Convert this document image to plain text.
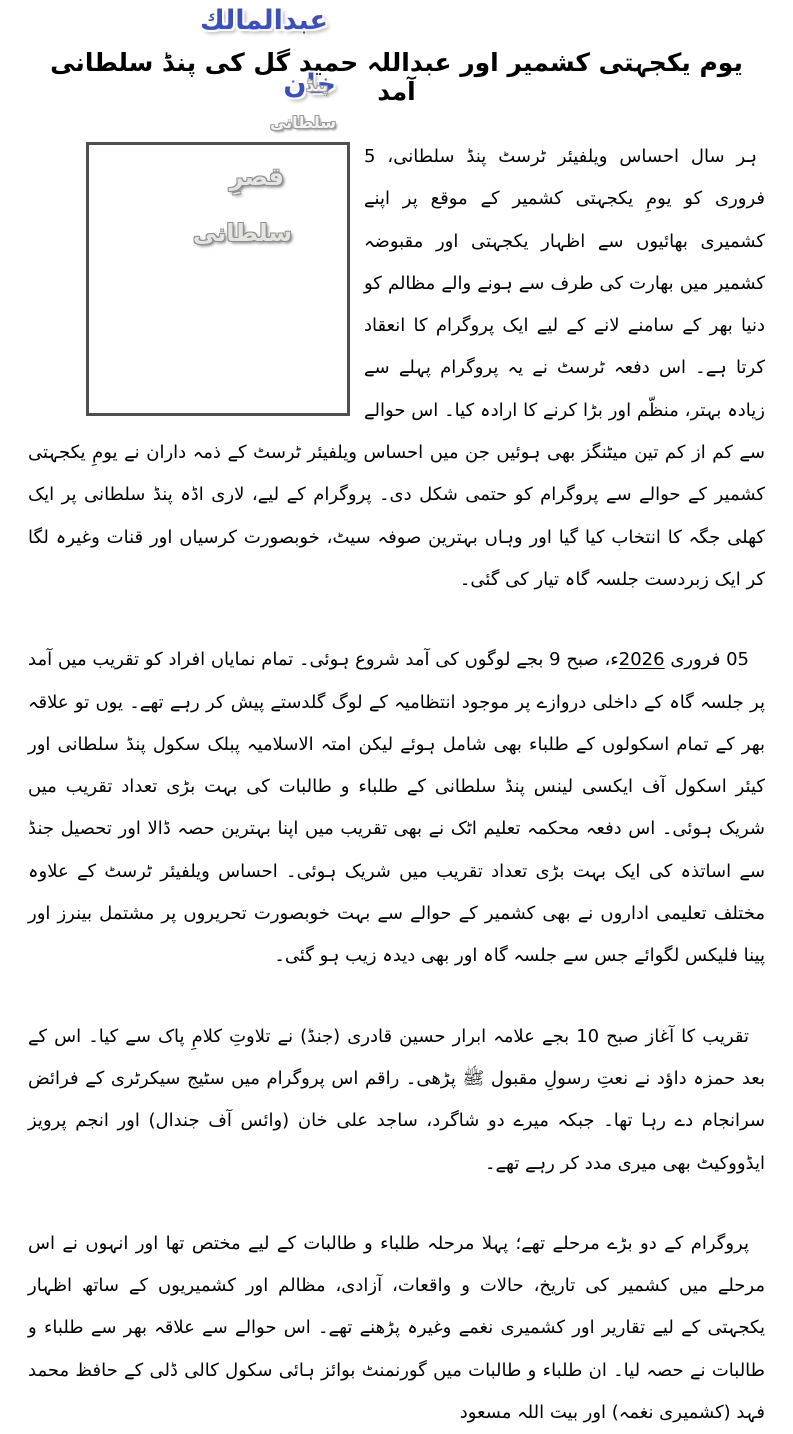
یوم یکجہتی کشمیر اور عبداللہ حمید گل کی پنڈ سلطانی آمد

ہر سال احساس ویلفیئر ٹرسٹ پنڈ سلطانی، 5 فروری کو یومِ یکجہتی کشمیر کے موقع پر اپنے کشمیری بھائیوں سے اظہار یکجہتی اور مقبوضہ کشمیر میں بھارت کی طرف سے ہونے والے مظالم کو دنیا بھر کے سامنے لانے کے لیے ایک پروگرام کا انعقاد کرتا ہے۔ اس دفعہ ٹرسٹ نے یہ پروگرام پہلے سے زیادہ بہتر، منظّم اور بڑا کرنے کا ارادہ کیا۔ اس حوالے سے کم از کم تین میٹنگز بھی ہوئیں جن میں احساس ویلفیئر ٹرسٹ کے ذمہ داران نے یومِ یکجہتی کشمیر کے حوالے سے پروگرام کو حتمی شکل دی۔ پروگرام کے لیے، لاری اڈہ پنڈ سلطانی پر ایک کھلی جگہ کا انتخاب کیا گیا اور وہاں بہترین صوفہ سیٹ، خوبصورت کرسیاں اور قنات وغیرہ لگا کر ایک زبردست جلسہ گاہ تیار کی گئی۔

05 فروری 2026ء، صبح 9 بجے لوگوں کی آمد شروع ہوئی۔ تمام نمایاں افراد کو تقریب میں آمد پر جلسہ گاہ کے داخلی دروازے پر موجود انتظامیہ کے لوگ گلدستے پیش کر رہے تھے۔ یوں تو علاقہ بھر کے تمام اسکولوں کے طلباء بھی شامل ہوئے لیکن امتہ الاسلامیہ پبلک سکول پنڈ سلطانی اور کیئر اسکول آف ایکسی لینس پنڈ سلطانی کے طلباء و طالبات کی بہت بڑی تعداد تقریب میں شریک ہوئی۔ اس دفعہ محکمہ تعلیم اٹک نے بھی تقریب میں اپنا بہترین حصہ ڈالا اور تحصیل جنڈ سے اساتذہ کی ایک بہت بڑی تعداد تقریب میں شریک ہوئی۔ احساس ویلفیئر ٹرسٹ کے علاوہ مختلف تعلیمی اداروں نے بھی کشمیر کے حوالے سے بہت خوبصورت تحریروں پر مشتمل بینرز اور پینا فلیکس لگوائے جس سے جلسہ گاہ اور بھی دیدہ زیب ہو گئی۔

تقریب کا آغاز صبح 10 بجے علامہ ابرار حسین قادری (جنڈ) نے تلاوتِ کلامِ پاک سے کیا۔ اس کے بعد حمزہ داؤد نے نعتِ رسولِ مقبول ﷺ پڑھی۔ راقم اس پروگرام میں سٹیج سیکرٹری کے فرائض سرانجام دے رہا تھا۔ جبکہ میرے دو شاگرد، ساجد علی خان (وائس آف جندال) اور انجم پرویز ایڈووکیٹ بھی میری مدد کر رہے تھے۔

پروگرام کے دو بڑے مرحلے تھے؛ پہلا مرحلہ طلباء و طالبات کے لیے مختص تھا اور انہوں نے اس مرحلے میں کشمیر کی تاریخ، حالات و واقعات، آزادی، مظالم اور کشمیریوں کے ساتھ اظہار یکجہتی کے لیے تقاریر اور کشمیری نغمے وغیرہ پڑھنے تھے۔ اس حوالے سے علاقہ بھر سے طلباء و طالبات نے حصہ لیا۔ ان طلباء و طالبات میں گورنمنٹ بوائز ہائی سکول کالی ڈلی کے حافظ محمد فہد (کشمیری نغمہ) اور بیت اللہ مسعود
